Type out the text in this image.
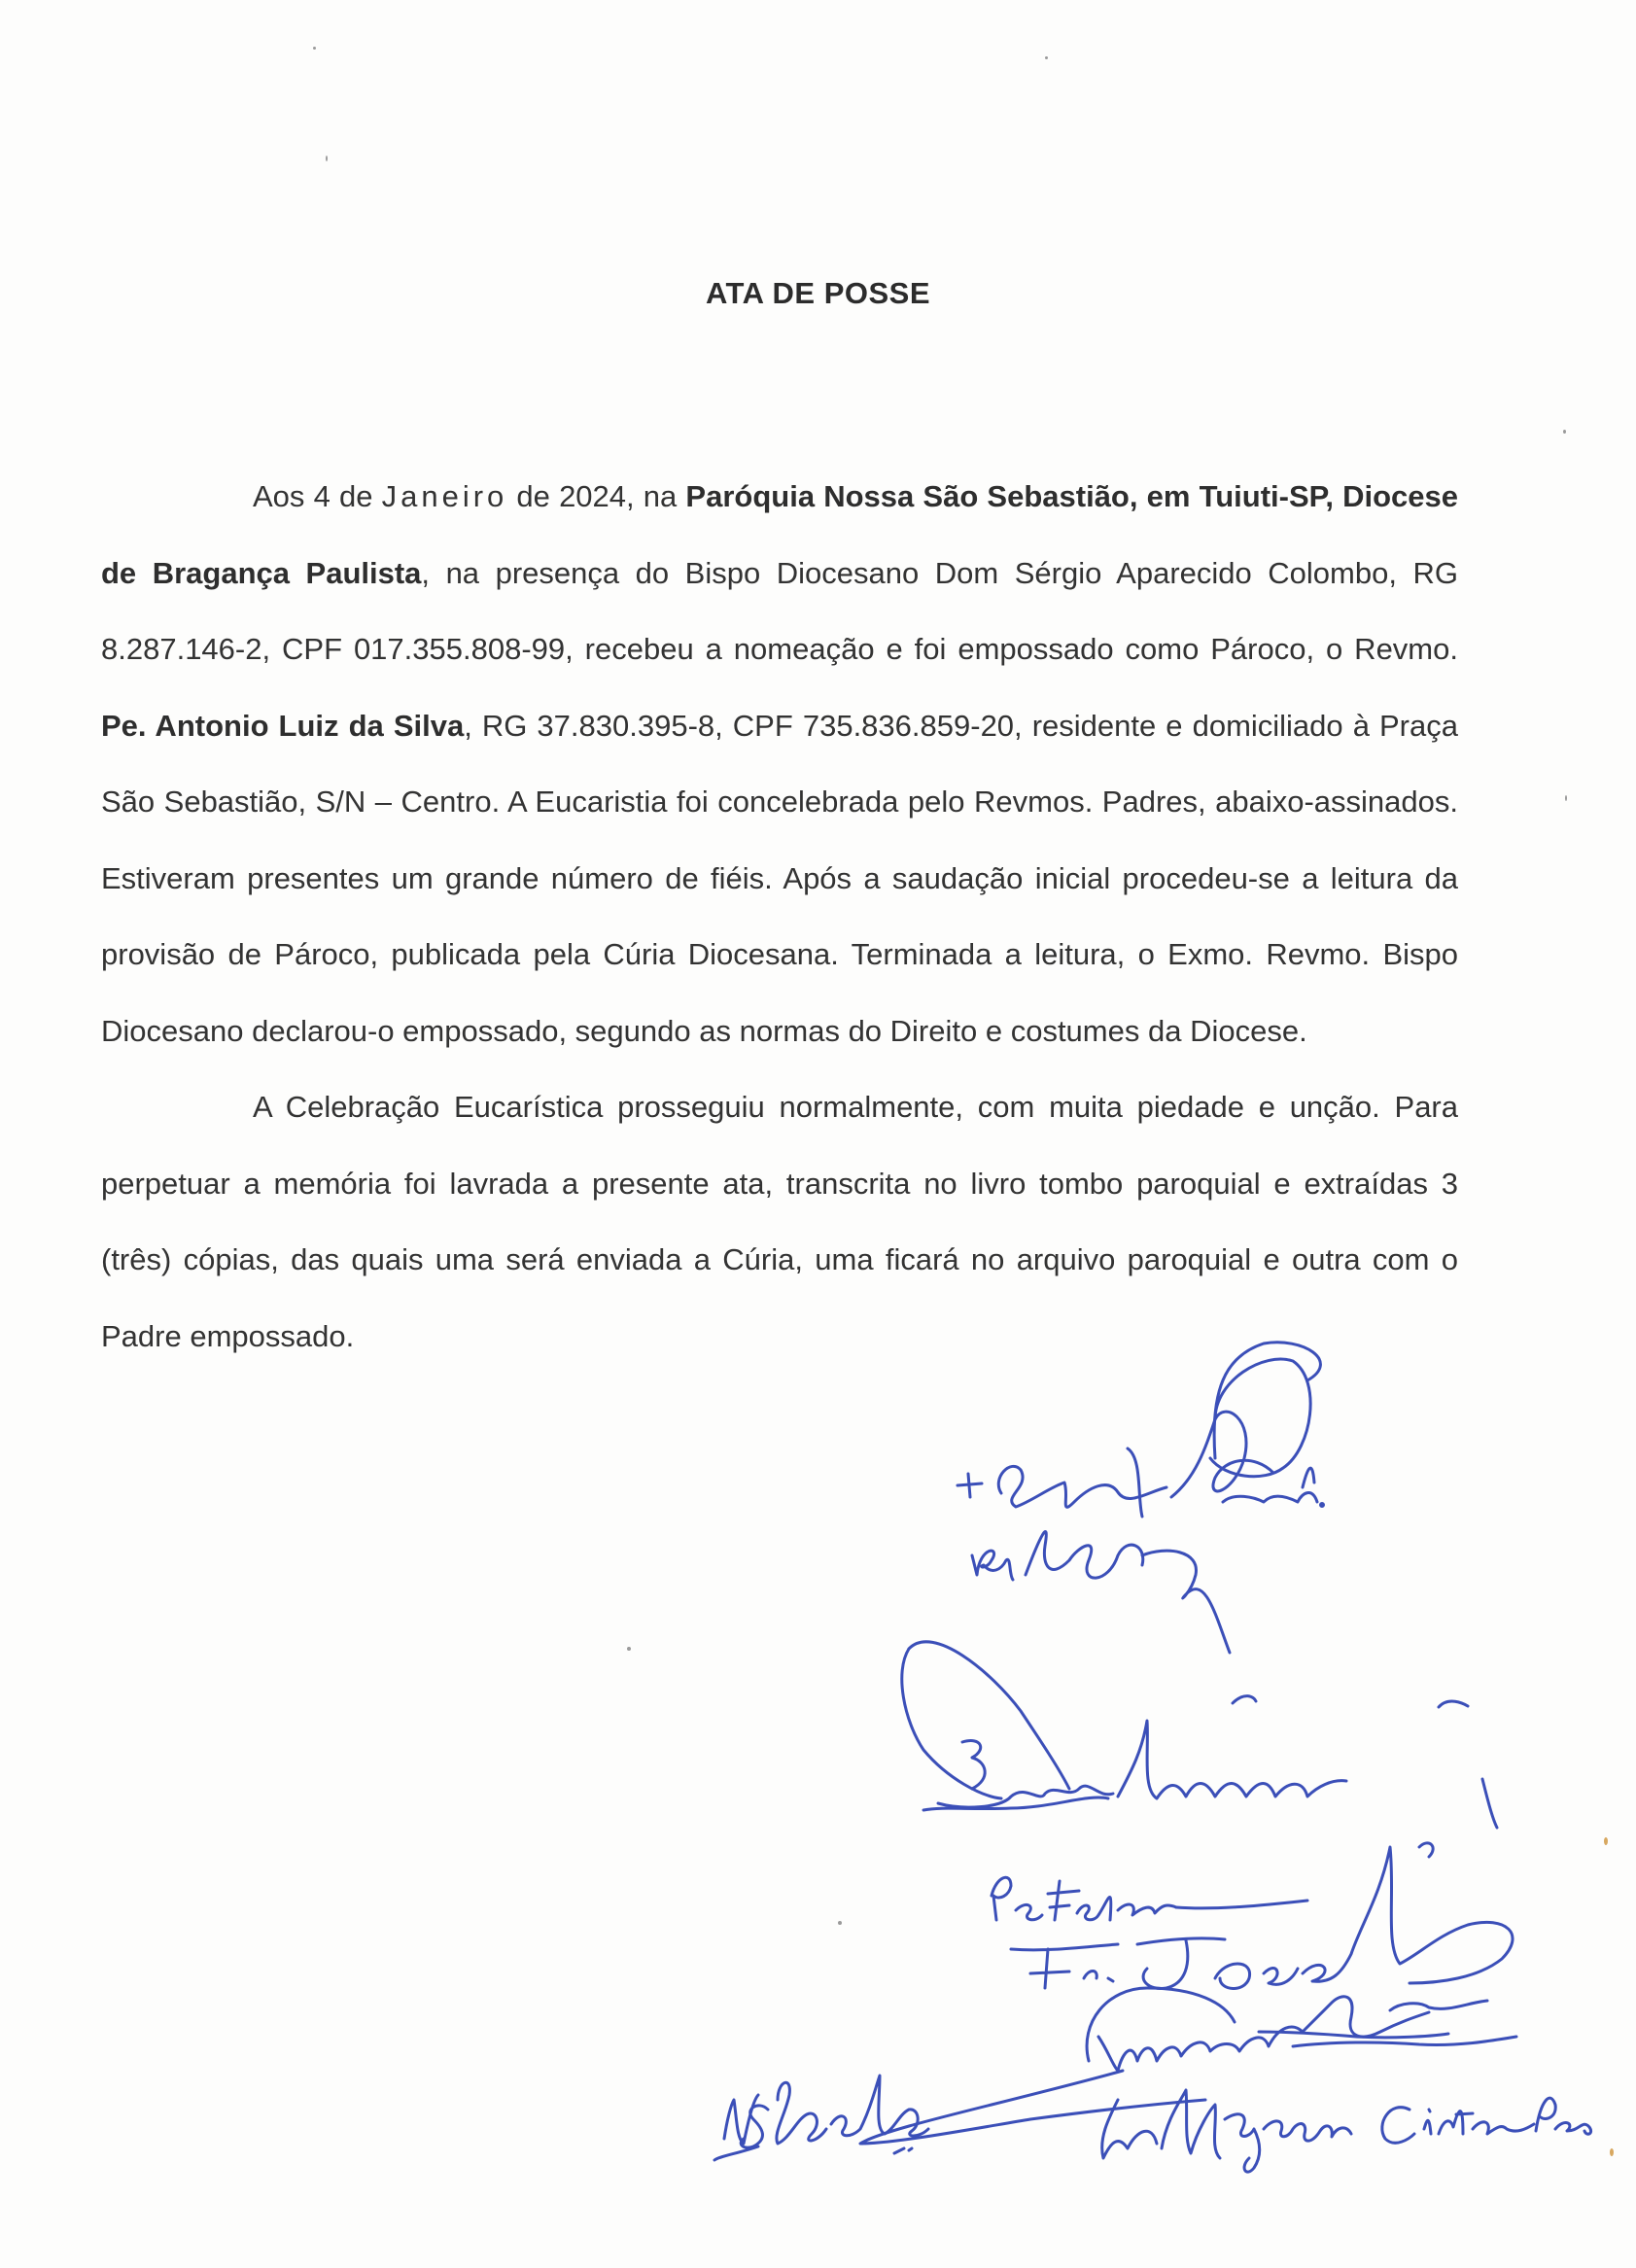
ATA DE POSSE

Aos 4 de Janeiro de 2024, na Paróquia Nossa São Sebastião, em Tuiuti-SP, Diocese de Bragança Paulista, na presença do Bispo Diocesano Dom Sérgio Aparecido Colombo, RG 8.287.146-2, CPF 017.355.808-99, recebeu a nomeação e foi empossado como Pároco, o Revmo. Pe. Antonio Luiz da Silva, RG 37.830.395-8, CPF 735.836.859-20, residente e domiciliado à Praça São Sebastião, S/N – Centro. A Eucaristia foi concelebrada pelo Revmos. Padres, abaixo-assinados. Estiveram presentes um grande número de fiéis. Após a saudação inicial procedeu-se a leitura da provisão de Pároco, publicada pela Cúria Diocesana. Terminada a leitura, o Exmo. Revmo. Bispo Diocesano declarou-o empossado, segundo as normas do Direito e costumes da Diocese.

A Celebração Eucarística prosseguiu normalmente, com muita piedade e unção. Para perpetuar a memória foi lavrada a presente ata, transcrita no livro tombo paroquial e extraídas 3 (três) cópias, das quais uma será enviada a Cúria, uma ficará no arquivo paroquial e outra com o Padre empossado.
